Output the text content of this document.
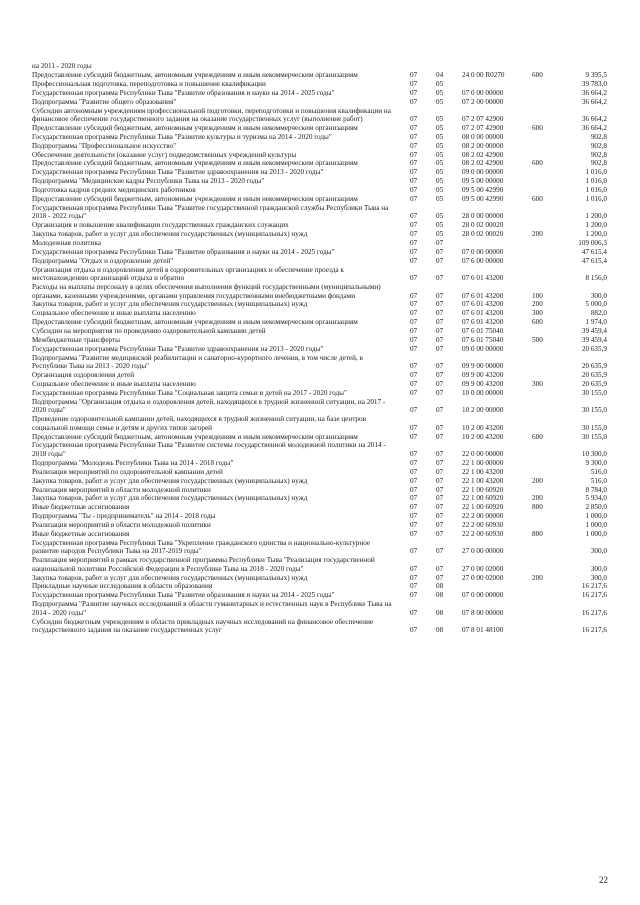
на 2011 - 2020 годы
Предоставление субсидий бюджетным, автономным учреждениям и иным некоммерческим организациям	07	04	24 0 00 R0270	600	9 395,5
Профессиональная подготовка, переподготовка и повышение квалификации	07	05	39 783,0
Государственная программа Республики Тыва "Развитие образования и науки на 2014 - 2025 годы"	07	05	07 0 00 00000	36 664,2
Подпрограмма "Развитие общего образования"	07	05	07 2 00 00000	36 664,2
Субсидии автономным учреждениям профессиональной подготовки, переподготовки и повышения квалификации на финансовое обеспечение государственного задания на оказание государственных услуг (выполнение работ)	07	05	07 2 07 42900	36 664,2
Предоставление субсидий бюджетным, автономным учреждениям и иным некоммерческим организациям	07	05	07 2 07 42900	600	36 664,2
Государственная программа Республики Тыва "Развитие культуры и туризма на 2014 - 2020 годы"	07	05	08 0 00 00000	902,8
Подпрограмма "Профессиональное искусство"	07	05	08 2 00 00000	902,8
Обеспечение деятельности (оказание услуг) подведомственных учреждений культуры	07	05	08 2 02 42900	902,8
Предоставление субсидий бюджетным, автономным учреждениям и иным некоммерческим организациям	07	05	08 2 02 42900	600	902,8
Государственная программа Республики Тыва "Развитие здравоохранения на 2013 - 2020 годы"	07	05	09 0 00 00000	1 016,0
Подпрограмма "Медицинские кадры Республики Тыва на 2013 - 2020 годы"	07	05	09 5 00 00000	1 016,0
Подготовка кадров средних медицинских работников	07	05	09 5 00 42990	1 016,0
Предоставление субсидий бюджетным, автономным учреждениям и иным некоммерческим организациям	07	05	09 5 00 42990	600	1 016,0
Государственная программа Республики Тыва "Развитие государственной гражданской службы Республики Тыва на 2018 - 2022 годы"	07	05	28 0 00 00000	1 200,0
Организация и повышение квалификации государственных гражданских служащих	07	05	28 0 02 00020	1 200,0
Закупка товаров, работ и услуг для обеспечения государственных (муниципальных) нужд	07	05	28 0 02 00020	200	1 200,0
Молодежная политика	07	07	109 006,3
Государственная программа Республики Тыва "Развитие образования и науки на 2014 - 2025 годы"	07	07	07 0 00 00000	47 615,4
Подпрограмма "Отдых и оздоровление детей"	07	07	07 6 00 00000	47 615,4
Организация отдыха и оздоровления детей в оздоровительных организациях и обеспечение проезда к местонахождению организаций отдыха и обратно	07	07	07 6 01 43200	8 156,0
Расходы на выплаты персоналу в целях обеспечения выполнения функций государственными (муниципальными) органами, казенными учреждениями, органами управления государственными внебюджетными фондами	07	07	07 6 01 43200	100	300,0
Закупка товаров, работ и услуг для обеспечения государственных (муниципальных) нужд	07	07	07 6 01 43200	200	5 000,0
Социальное обеспечение и иные выплаты населению	07	07	07 6 01 43200	300	882,0
Предоставление субсидий бюджетным, автономным учреждениям и иным некоммерческим организациям	07	07	07 6 01 43200	600	1 974,0
Субсидии на мероприятия по проведению оздоровительной кампании детей	07	07	07 6 01 75040	39 459,4
Межбюджетные трансферты	07	07	07 6 01 75040	500	39 459,4
Государственная программа Республики Тыва "Развитие здравоохранения на 2013 - 2020 годы"	07	07	09 0 00 00000	20 635,9
Подпрограмма "Развитие медицинской реабилитации и санаторно-курортного лечения, в том числе детей, в Республике Тыва на 2013 - 2020 годы"	07	07	09 9 00 00000	20 635,9
Организация оздоровления детей	07	07	09 9 00 43200	20 635,9
Социальное обеспечение и иные выплаты населению	07	07	09 9 00 43200	300	20 635,9
Государственная программа Республики Тыва "Социальная защита семьи и детей на 2017 - 2020 годы"	07	07	10 0 00 00000	30 155,0
Подпрограмма "Организация отдыха и оздоровления детей, находящихся в трудной жизненной ситуации, на 2017 - 2020 годы"	07	07	10 2 00 00000	30 155,0
Проведение оздоровительной кампании детей, находящихся в трудной жизненной ситуации, на базе центров социальной помощи семье и детям и других типов загорей	07	07	10 2 00 43200	30 155,0
Предоставление субсидий бюджетным, автономным учреждениям и иным некоммерческим организациям	07	07	10 2 00 43200	600	30 155,0
Государственная программа Республики Тыва "Развитие системы государственной молодежной политики на 2014 - 2018 годы"	07	07	22 0 00 00000	10 300,0
Подпрограмма "Молодежь Республики Тыва на 2014 - 2018 годы"	07	07	22 1 00 00000	9 300,0
Реализация мероприятий по оздоровительной кампании детей	07	07	22 1 00 43200	516,0
Закупка товаров, работ и услуг для обеспечения государственных (муниципальных) нужд	07	07	22 1 00 43200	200	516,0
Реализация мероприятий в области молодежной политики	07	07	22 1 00 60920	8 784,0
Закупка товаров, работ и услуг для обеспечения государственных (муниципальных) нужд	07	07	22 1 00 60920	200	5 934,0
Иные бюджетные ассигнования	07	07	22 1 00 60920	800	2 850,0
Подпрограмма "Ты - предприниматель" на 2014 - 2018 годы	07	07	22 2 00 00000	1 000,0
Реализация мероприятий в области молодежной политики	07	07	22 2 00 60930	1 000,0
Иные бюджетные ассигнования	07	07	22 2 00 60930	800	1 000,0
Государственная программа Республики Тыва "Укрепление гражданского единства и национально-культурное развитие народов Республики Тыва на 2017-2019 годы"	07	07	27 0 00 00000	300,0
Реализация мероприятий в рамках государственной программы Республики Тыва "Реализация государственной национальной политики Российской Федерации в Республике Тыва на 2018 - 2020 годы"	07	07	27 0 00 02000	300,0
Закупка товаров, работ и услуг для обеспечения государственных (муниципальных) нужд	07	07	27 0 00 02000	200	300,0
Прикладные научные исследования в области образования	07	08	16 217,6
Государственная программа Республики Тыва "Развитие образования и науки на 2014 - 2025 годы"	07	08	07 0 00 00000	16 217,6
Подпрограмма "Развитие научных исследований в области гуманитарных и естественных наук в Республике Тыва на 2014 - 2020 годы"	07	08	07 8 00 00000	16 217,6
Субсидии бюджетным учреждениям в области прикладных научных исследований на финансовое обеспечение государственного задания на оказание государственных услуг	07	08	07 8 01 48100	16 217,6
22
